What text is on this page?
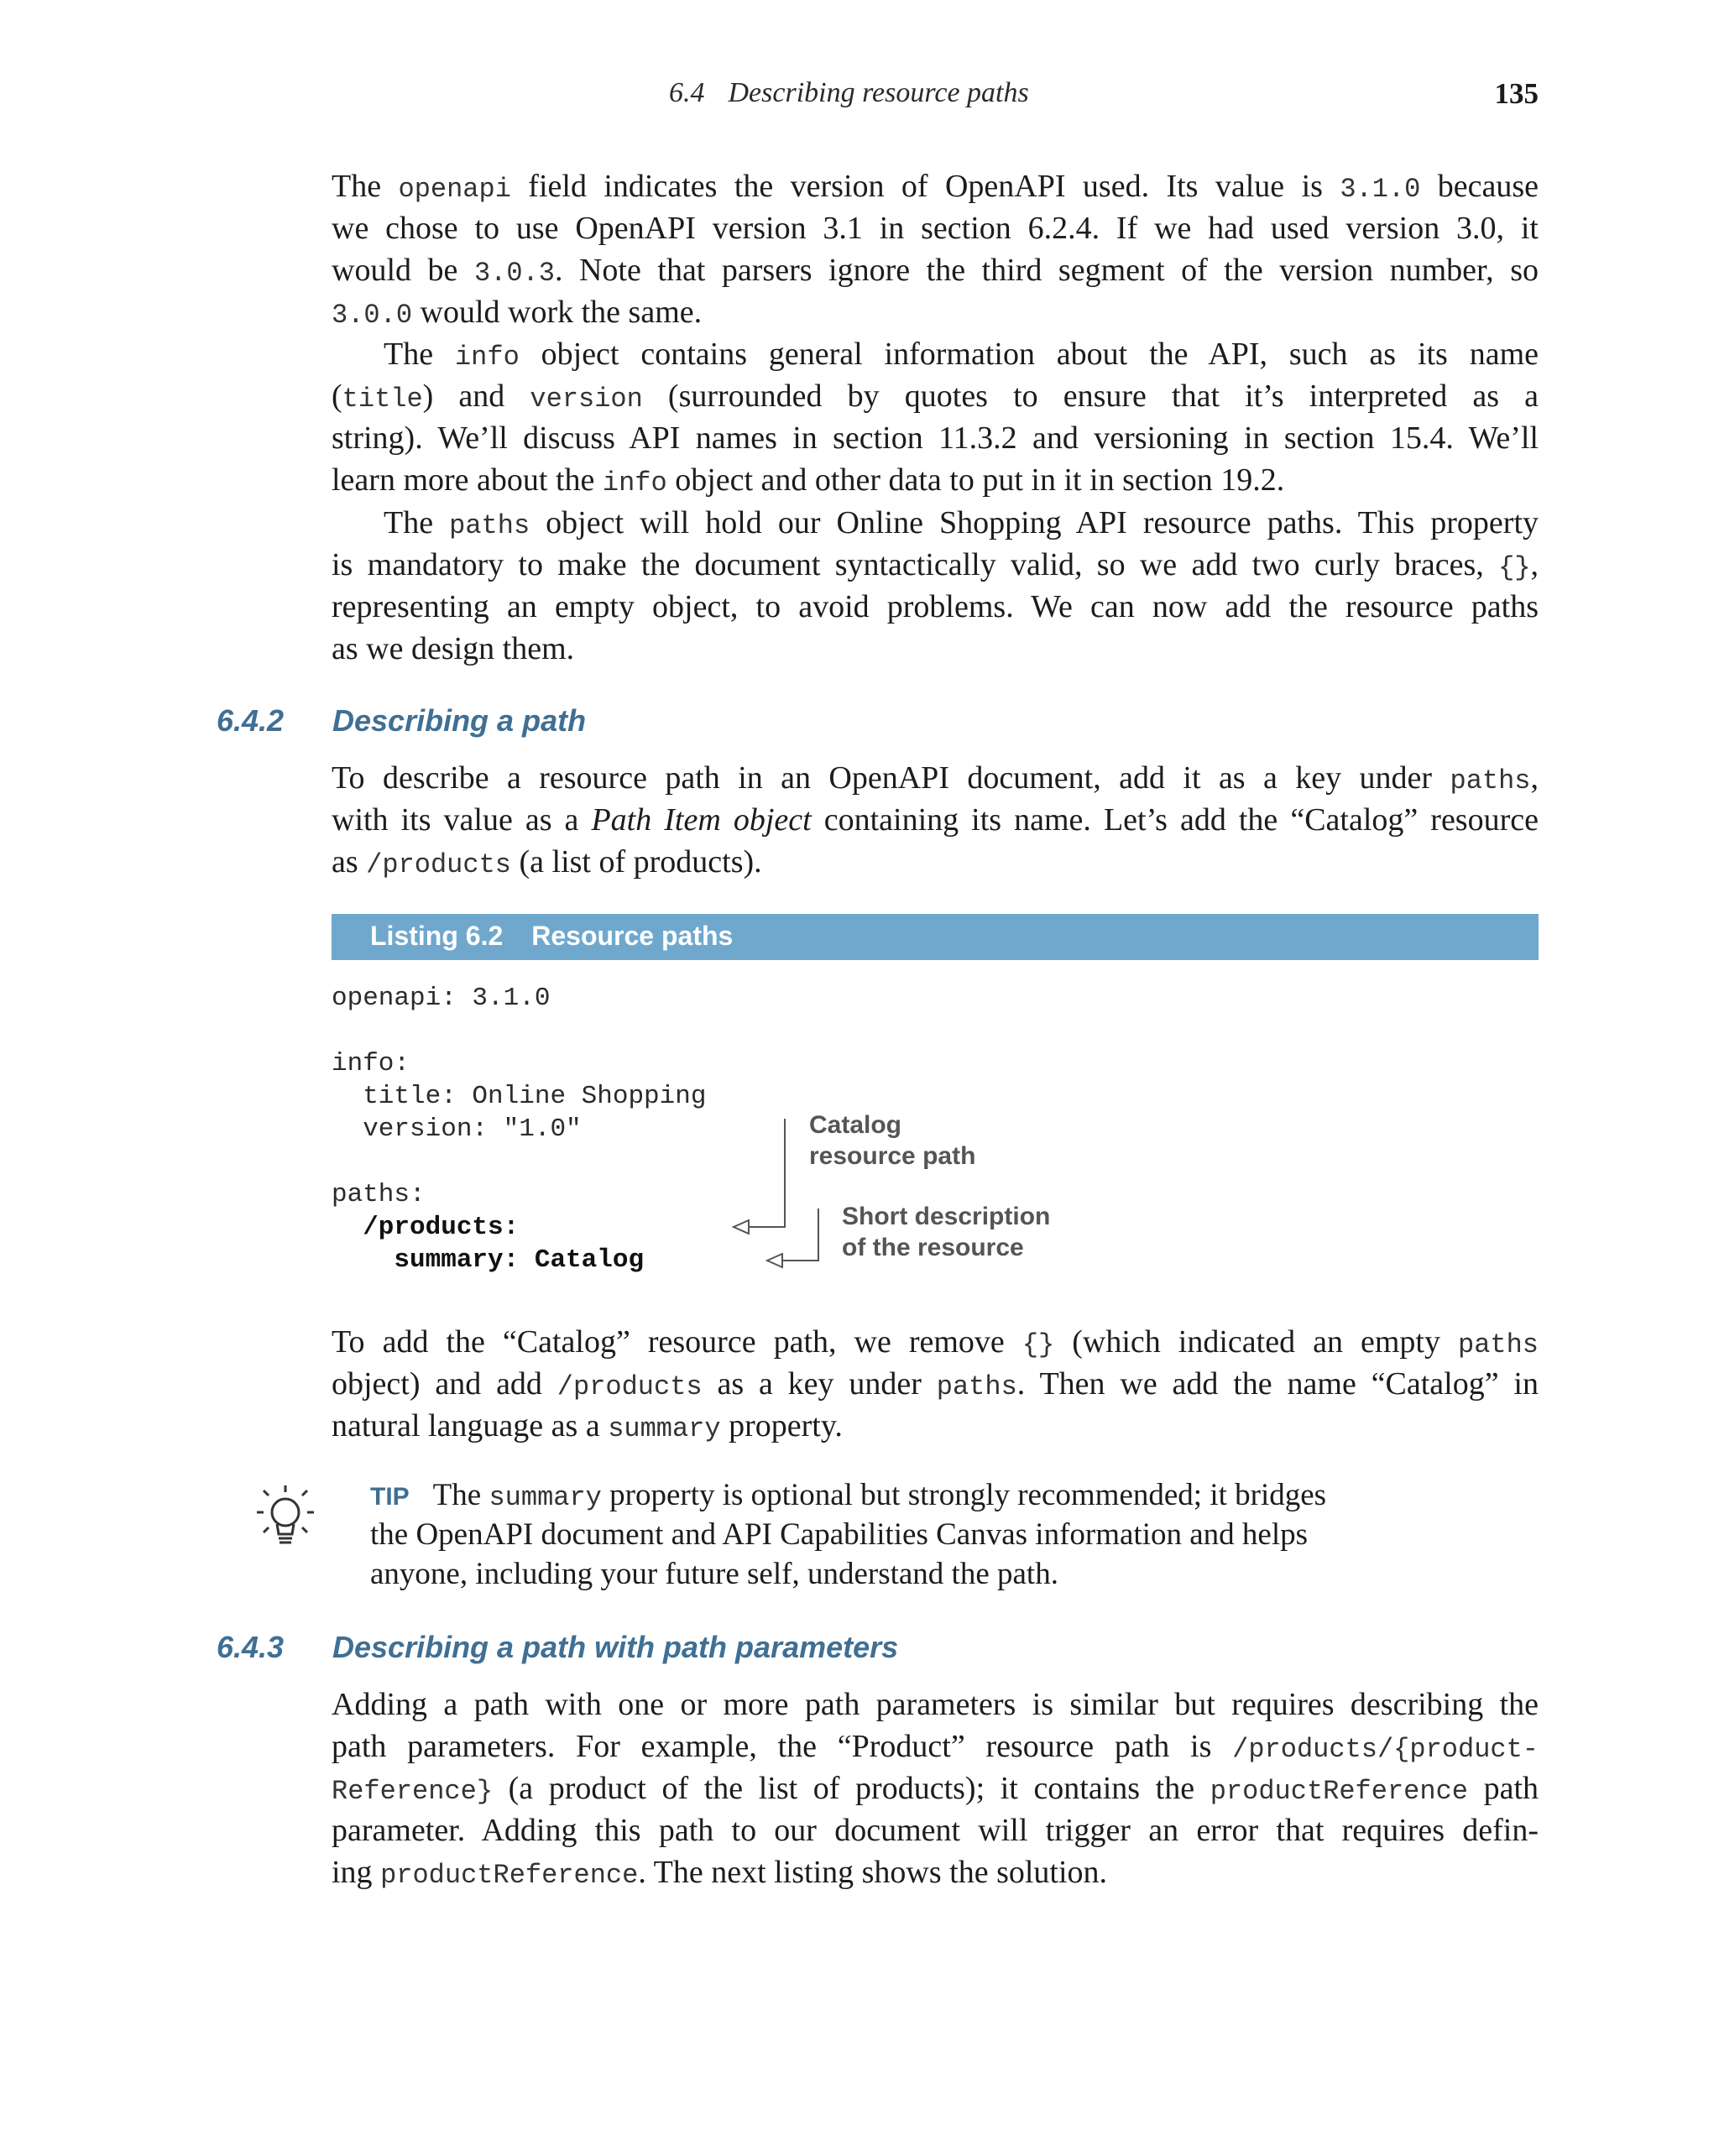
6.4 Describing resource paths	135
The openapi field indicates the version of OpenAPI used. Its value is 3.1.0 because
we chose to use OpenAPI version 3.1 in section 6.2.4. If we had used version 3.0, it
would be 3.0.3. Note that parsers ignore the third segment of the version number, so
3.0.0 would work the same.
The info object contains general information about the API, such as its name
(title) and version (surrounded by quotes to ensure that it’s interpreted as a
string). We’ll discuss API names in section 11.3.2 and versioning in section 15.4. We’ll
learn more about the info object and other data to put in it in section 19.2.
The paths object will hold our Online Shopping API resource paths. This property
is mandatory to make the document syntactically valid, so we add two curly braces, {},
representing an empty object, to avoid problems. We can now add the resource paths
as we design them.
6.4.2 Describing a path
To describe a resource path in an OpenAPI document, add it as a key under paths,
with its value as a Path Item object containing its name. Let’s add the “Catalog” resource
as /products (a list of products).
Listing 6.2 Resource paths
openapi: 3.1.0
info:
title: Online Shopping
version: "1.0"
paths:
/products:
summary: Catalog
Catalog
resource path
Short description
of the resource
To add the “Catalog” resource path, we remove {} (which indicated an empty paths
object) and add /products as a key under paths. Then we add the name “Catalog” in
natural language as a summary property.
TIP The summary property is optional but strongly recommended; it bridges
the OpenAPI document and API Capabilities Canvas information and helps
anyone, including your future self, understand the path.
6.4.3 Describing a path with path parameters
Adding a path with one or more path parameters is similar but requires describing the
path parameters. For example, the “Product” resource path is /products/{product-
Reference} (a product of the list of products); it contains the productReference path
parameter. Adding this path to our document will trigger an error that requires defin-
ing productReference. The next listing shows the solution.
